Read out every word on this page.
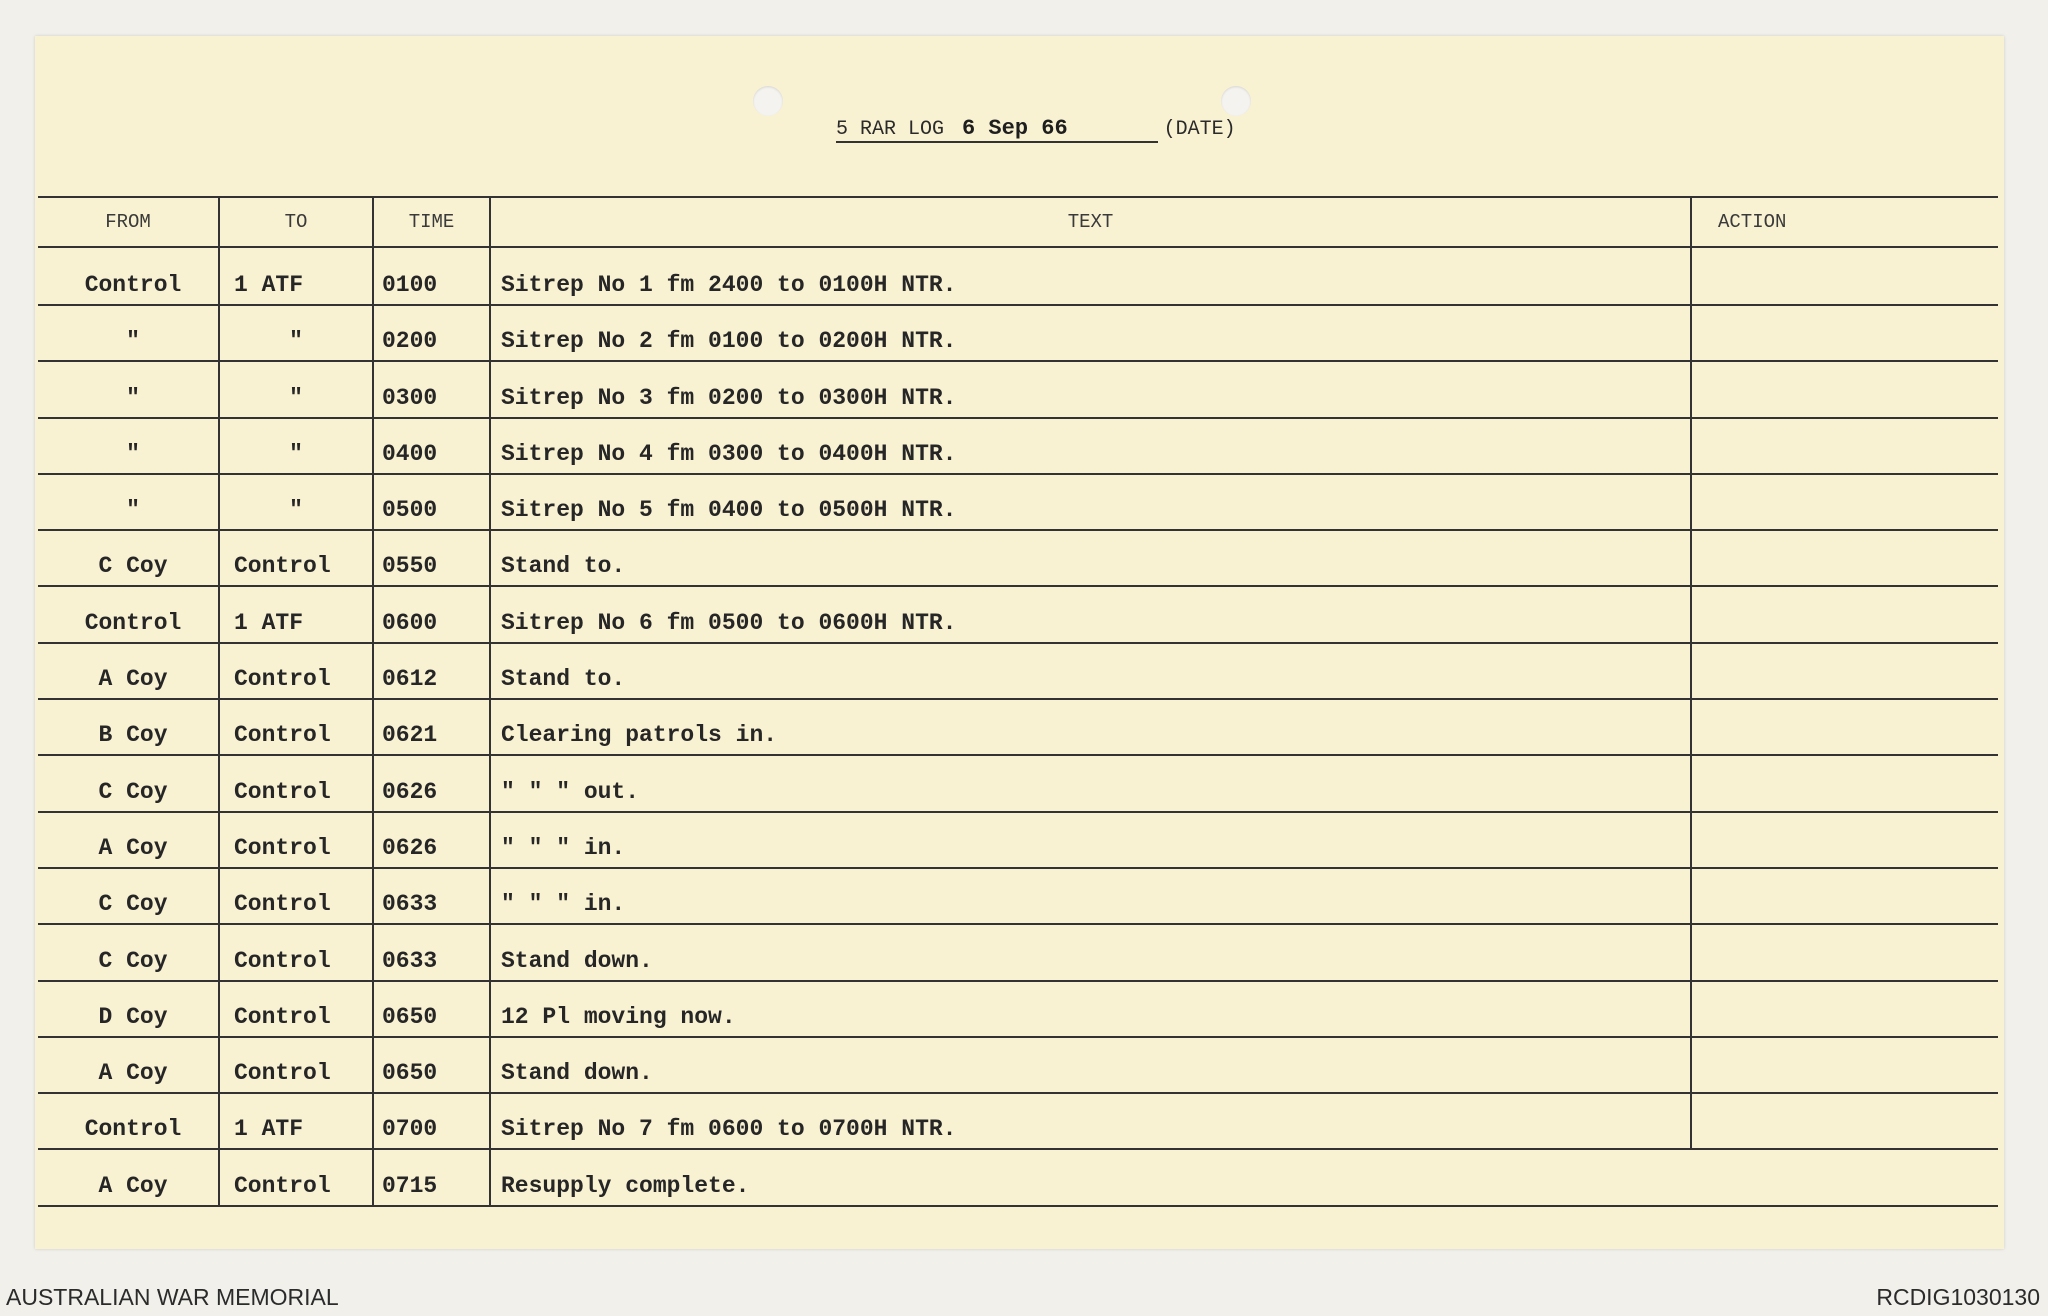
5 RAR LOG 6 Sep 66	(DATE)
FROM	TO	TIME	TEXT	ACTION
Control	1 ATF	0100	Sitrep No 1 fm 2400 to 0100H NTR.	
"	"	0200	Sitrep No 2 fm 0100 to 0200H NTR.	
"	"	0300	Sitrep No 3 fm 0200 to 0300H NTR.	
"	"	0400	Sitrep No 4 fm 0300 to 0400H NTR.	
"	"	0500	Sitrep No 5 fm 0400 to 0500H NTR.	
C Coy	Control	0550	Stand to.	
Control	1 ATF	0600	Sitrep No 6 fm 0500 to 0600H NTR.	
A Coy	Control	0612	Stand to.	
B Coy	Control	0621	Clearing patrols in.	
C Coy	Control	0626	" " " out.	
A Coy	Control	0626	" " " in.	
C Coy	Control	0633	" " " in.	
C Coy	Control	0633	Stand down.	
D Coy	Control	0650	12 Pl moving now.	
A Coy	Control	0650	Stand down.	
Control	1 ATF	0700	Sitrep No 7 fm 0600 to 0700H NTR.	
A Coy	Control	0715	Resupply complete.	
AUSTRALIAN WAR MEMORIAL	RCDIG1030130
